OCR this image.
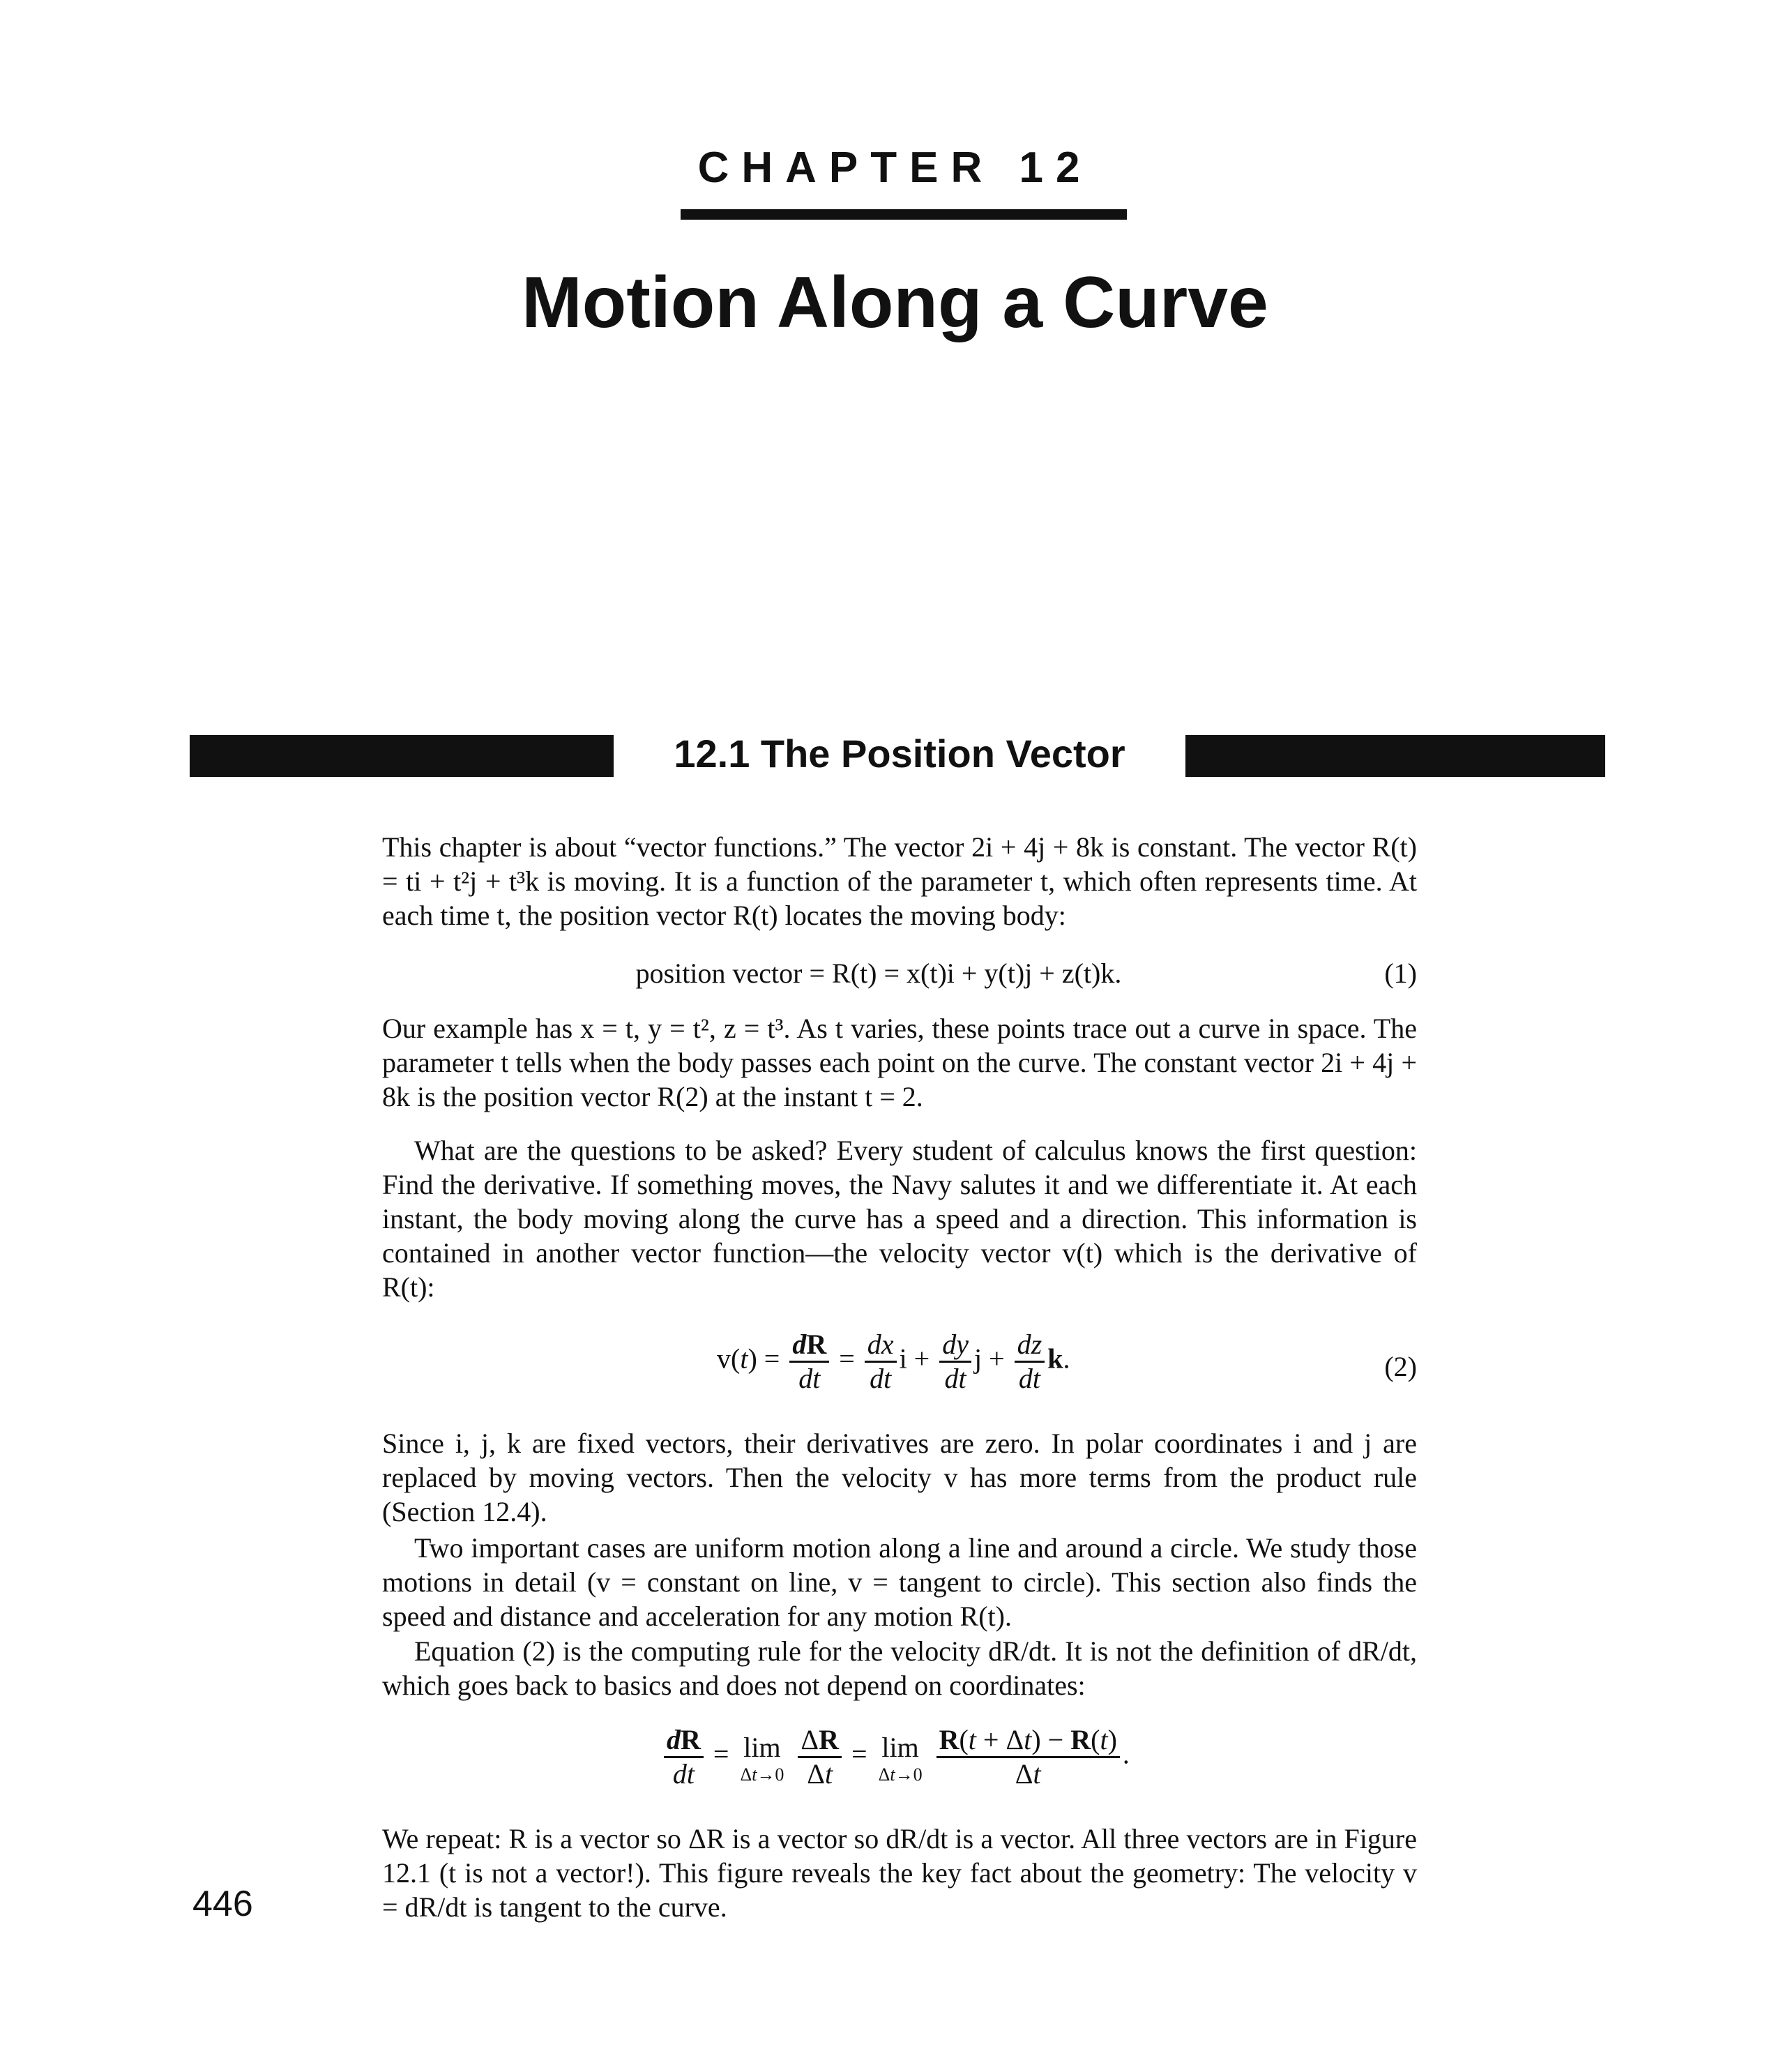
CHAPTER 12
Motion Along a Curve
12.1 The Position Vector

This chapter is about “vector functions.” The vector 2i + 4j + 8k is constant. The vector R(t) = ti + t²j + t³k is moving. It is a function of the parameter t, which often represents time. At each time t, the position vector R(t) locates the moving body:

position vector = R(t) = x(t)i + y(t)j + z(t)k.	(1)

Our example has x = t, y = t², z = t³. As t varies, these points trace out a curve in space. The parameter t tells when the body passes each point on the curve. The constant vector 2i + 4j + 8k is the position vector R(2) at the instant t = 2.

What are the questions to be asked? Every student of calculus knows the first question: Find the derivative. If something moves, the Navy salutes it and we differentiate it. At each instant, the body moving along the curve has a speed and a direction. This information is contained in another vector function—the velocity vector v(t) which is the derivative of R(t):

$v(t) = \frac{dR}{dt} = \frac{dx}{dt}$ $i + \frac{dy}{dt}$ $j + \frac{dz}{dt} k$.	(2)

Since i, j, k are fixed vectors, their derivatives are zero. In polar coordinates i and j are replaced by moving vectors. Then the velocity v has more terms from the product rule (Section 12.4).

Two important cases are uniform motion along a line and around a circle. We study those motions in detail (v = constant on line, v = tangent to circle). This section also finds the speed and distance and acceleration for any motion R(t).

Equation (2) is the computing rule for the velocity dR/dt. It is not the definition of dR/dt, which goes back to basics and does not depend on coordinates:

$\frac{dR}{dt} = \lim$
Δt→0
$\frac{\Delta R}{\Delta t} = \lim$
Δt→0
$\frac{R(t + \Delta t) - R(t)}{\Delta t}$ .

We repeat: R is a vector so ΔR is a vector so dR/dt is a vector. All three vectors are in Figure 12.1 (t is not a vector!). This figure reveals the key fact about the geometry: The velocity v = dR/dt is tangent to the curve.

446
